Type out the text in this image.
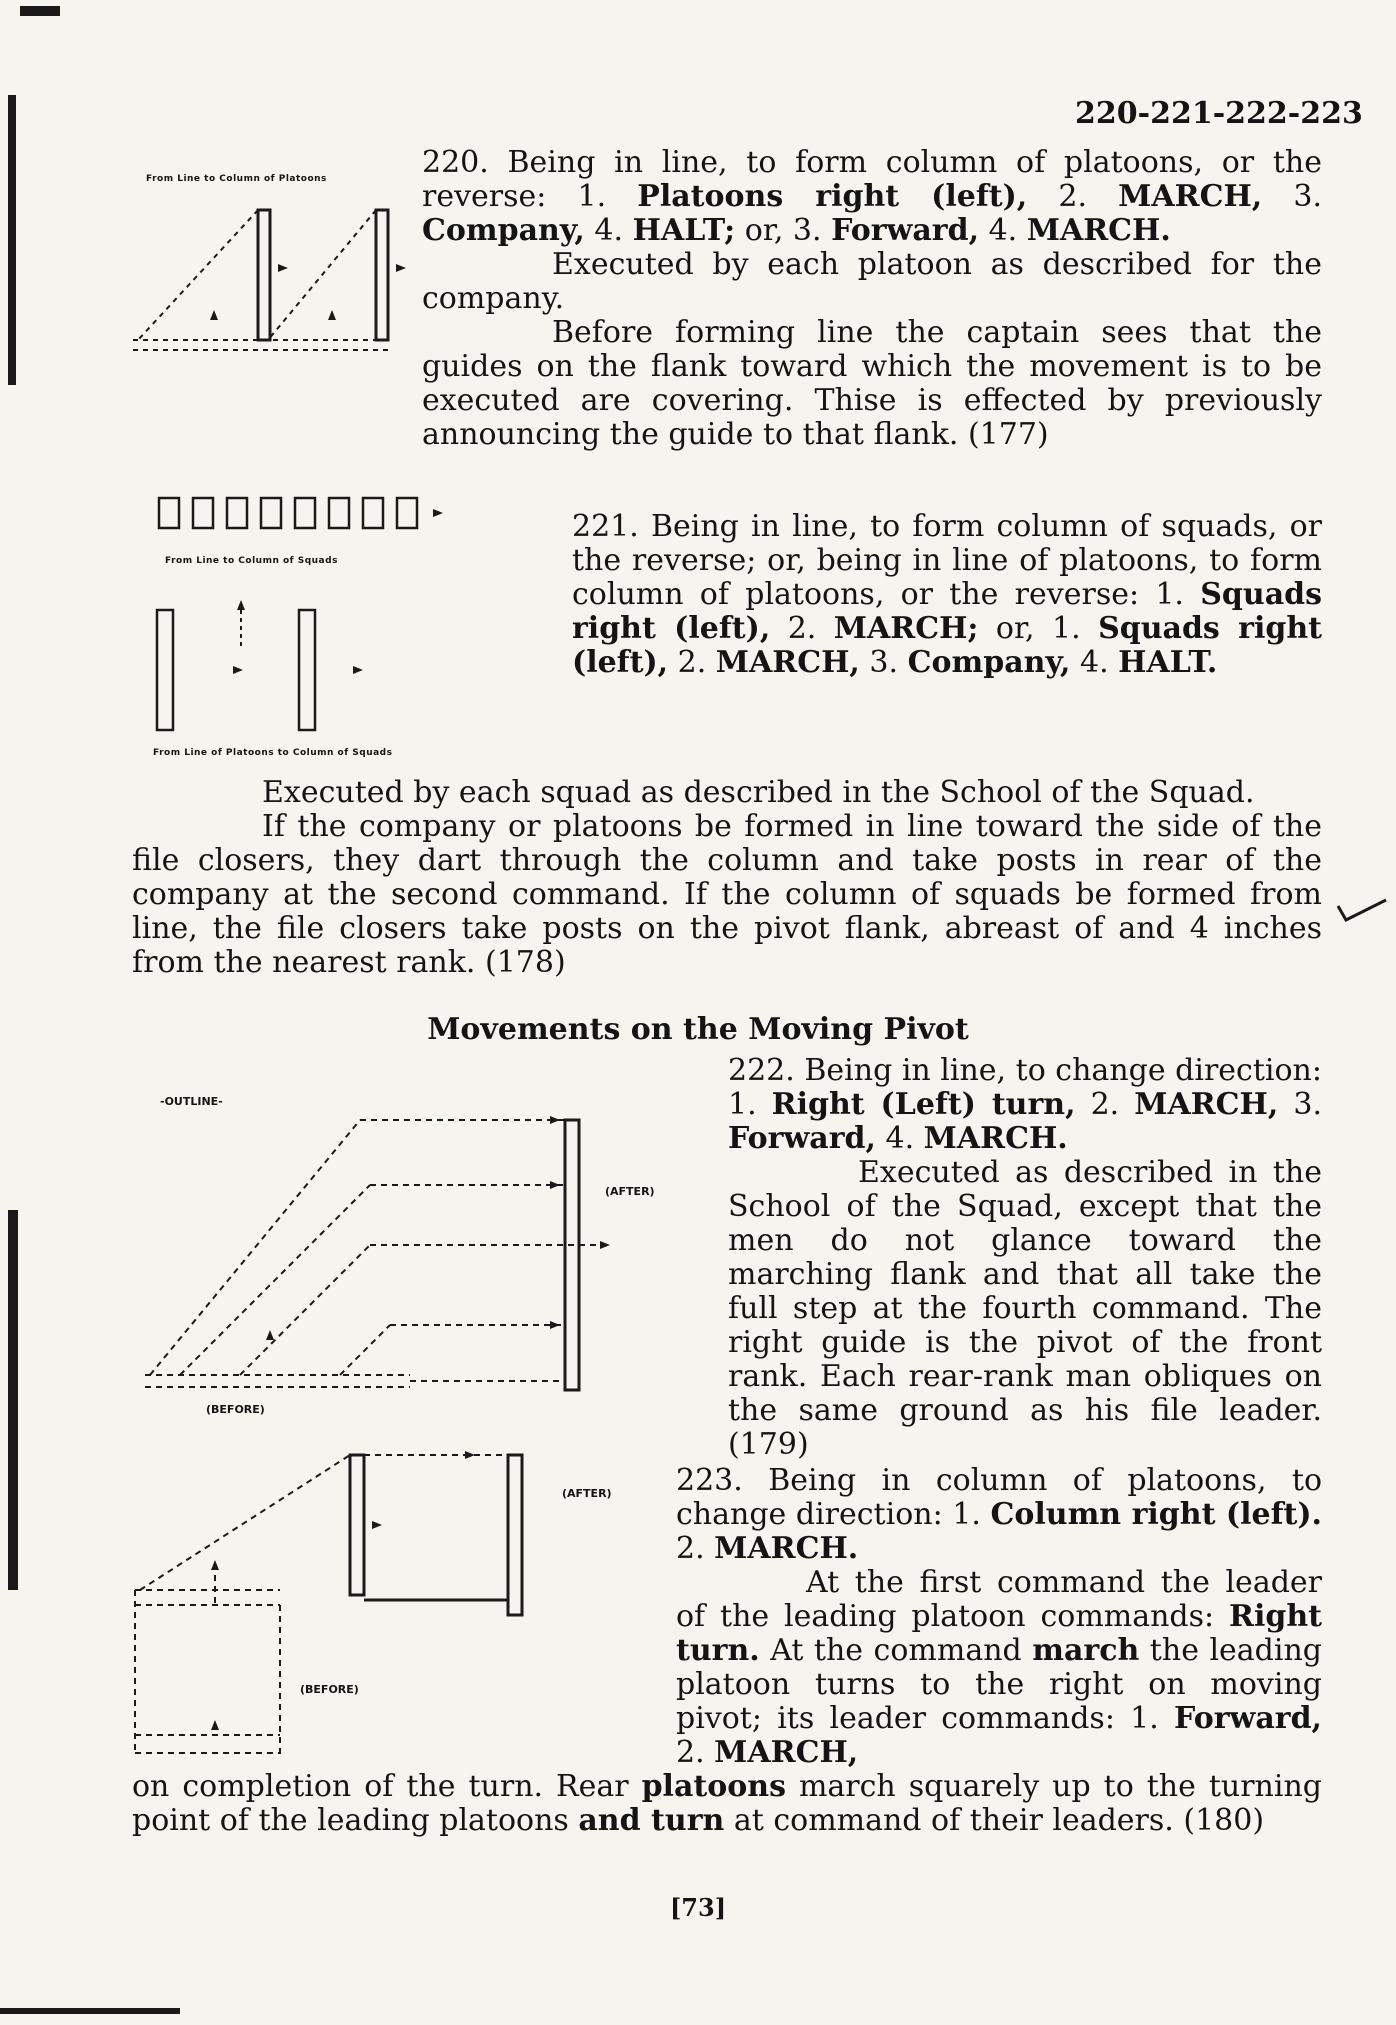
220-221-222-223
From Line to Column of Platoons	220. Being in line, to form column of platoons, or the reverse: 1. Platoons right (left), 2. MARCH, 3. Company, 4. HALT; or, 3. Forward, 4. MARCH.

Executed by each platoon as described for the company.

Before forming line the captain sees that the guides on the flank toward which the movement is to be executed are covering. Thise is effected by previously announcing the guide to that flank. (177)

From Line to Column of Squads
From Line of Platoons to Column of Squads

221. Being in line, to form column of squads, or the reverse; or, being in line of platoons, to form column of platoons, or the reverse: 1. Squads right (left), 2. MARCH; or, 1. Squads right (left), 2. MARCH, 3. Company, 4. HALT.

Executed by each squad as described in the School of the Squad.

If the company or platoons be formed in line toward the side of the file closers, they dart through the column and take posts in rear of the company at the second command. If the column of squads be formed from line, the file closers take posts on the pivot flank, abreast of and 4 inches from the nearest rank. (178)

Movements on the Moving Pivot
-OUTLINE-
(AFTER)
(BEFORE)

222. Being in line, to change direction: 1. Right (Left) turn, 2. MARCH, 3. Forward, 4. MARCH.

Executed as described in the School of the Squad, except that the men do not glance toward the marching flank and that all take the full step at the fourth command. The right guide is the pivot of the front rank. Each rear-rank man obliques on the same ground as his file leader. (179)

(AFTER)
(BEFORE)

223. Being in column of platoons, to change direction: 1. Column right (left). 2. MARCH.

At the first command the leader of the leading platoon commands: Right turn. At the command march the leading platoon turns to the right on moving pivot; its leader commands: 1. Forward, 2. MARCH,

on completion of the turn. Rear platoons march squarely up to the turning point of the leading platoons and turn at command of their leaders. (180)

[73]
